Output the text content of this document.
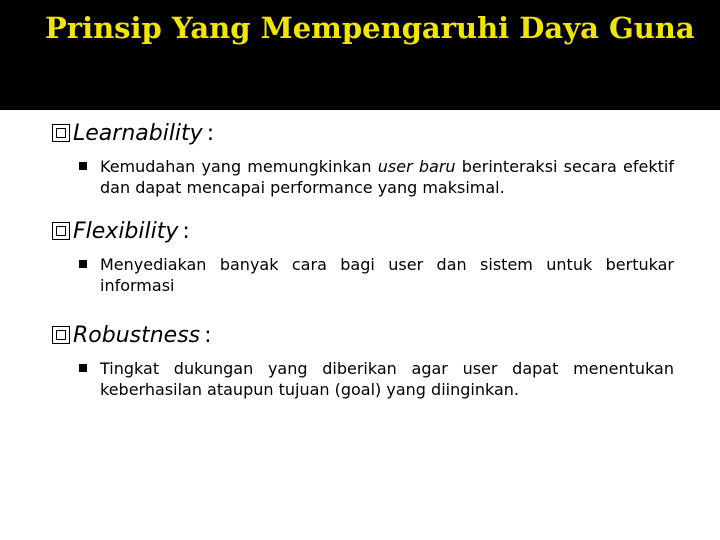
Prinsip Yang Mempengaruhi Daya Guna
Learnability :
Kemudahan yang memungkinkan user baru berinteraksi secara efektif dan dapat mencapai performance yang maksimal.
Flexibility :
Menyediakan banyak cara bagi user dan sistem untuk bertukar informasi
Robustness :
Tingkat dukungan yang diberikan agar user dapat menentukan keberhasilan ataupun tujuan (goal) yang diinginkan.
